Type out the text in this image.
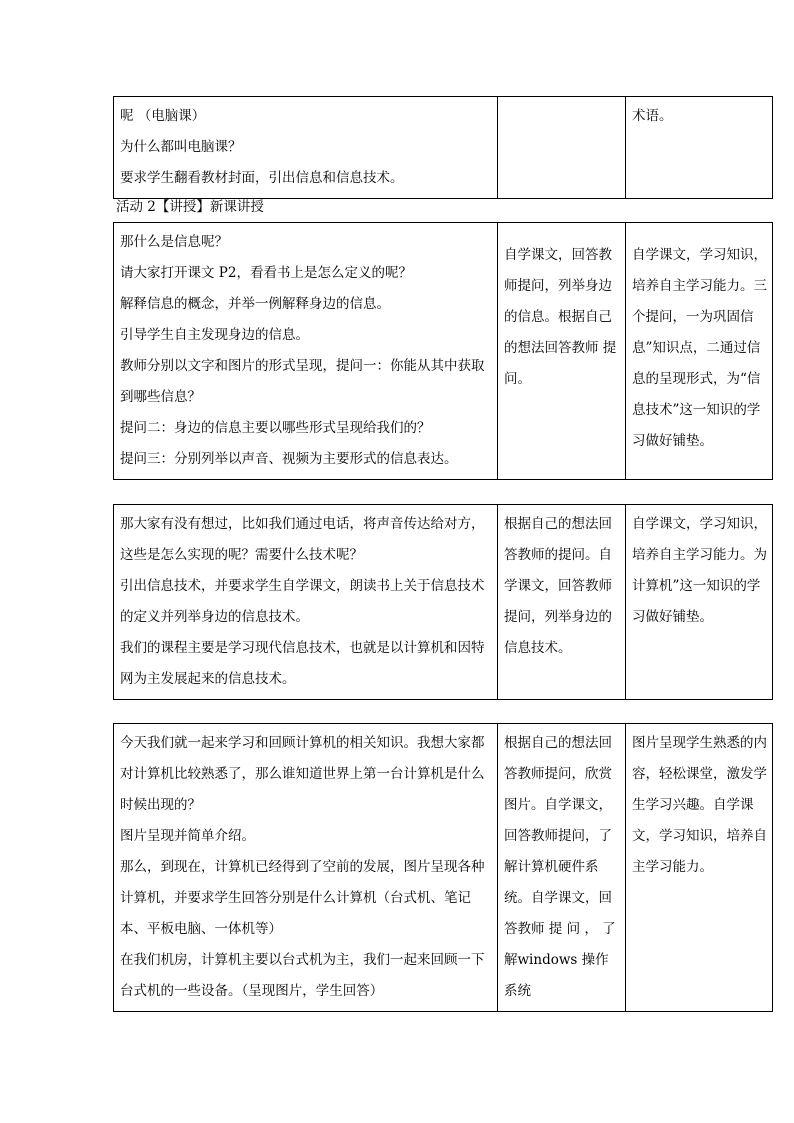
呢 （电脑课）
为什么都叫电脑课？
要求学生翻看教材封面，引出信息和信息技术。
		术语。
活动 2【讲授】新课讲授
那什么是信息呢？
请大家打开课文 P2，看看书上是怎么定义的呢？
解释信息的概念，并举一例解释身边的信息。
引导学生自主发现身边的信息。
教师分别以文字和图片的形式呈现，提问一：你能从其中获取到哪些信息？
提问二：身边的信息主要以哪些形式呈现给我们的？
提问三：分别列举以声音、视频为主要形式的信息表达。
	自学课文，回答教师提问，列举身边的信息。根据自己的想法回答教师 提问。	自学课文，学习知识，培养自主学习能力。三个提问，一为巩固信息”知识点，二通过信息的呈现形式，为“信息技术”这一知识的学习做好铺垫。
那大家有没有想过，比如我们通过电话，将声音传达给对方，这些是怎么实现的呢？需要什么技术呢？
引出信息技术，并要求学生自学课文，朗读书上关于信息技术的定义并列举身边的信息技术。
我们的课程主要是学习现代信息技术，也就是以计算机和因特网为主发展起来的信息技术。
	根据自己的想法回答教师的提问。自学课文，回答教师提问，列举身边的信息技术。	自学课文，学习知识，培养自主学习能力。为计算机”这一知识的学习做好铺垫。
今天我们就一起来学习和回顾计算机的相关知识。我想大家都对计算机比较熟悉了，那么谁知道世界上第一台计算机是什么时候出现的？
图片呈现并简单介绍。
那么，到现在，计算机已经得到了空前的发展，图片呈现各种计算机，并要求学生回答分别是什么计算机（台式机、笔记本、平板电脑、一体机等）
在我们机房，计算机主要以台式机为主，我们一起来回顾一下台式机的一些设备。（呈现图片，学生回答）
	根据自己的想法回答教师提问，欣赏图片。自学课文，回答教师提问，了解计算机硬件系统。自学课文，回答教师 提 问 ， 了 解windows 操作系统	图片呈现学生熟悉的内容，轻松课堂，激发学生学习兴趣。自学课文，学习知识，培养自主学习能力。
